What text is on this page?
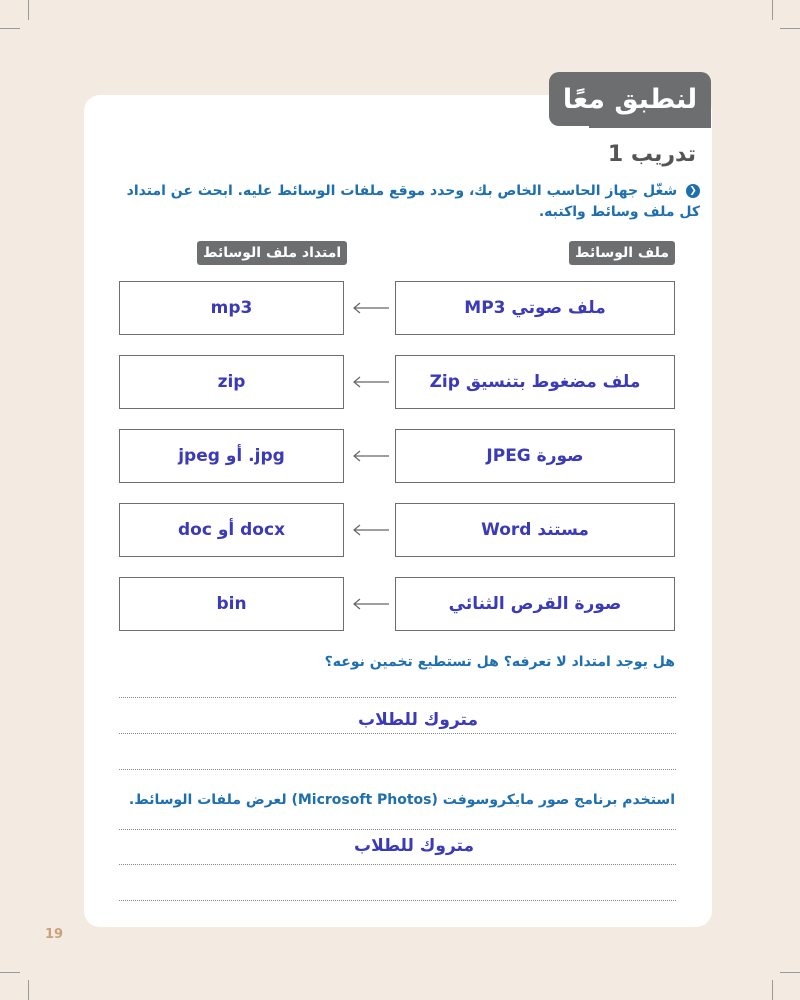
لنطبق معًا
تدريب 1
❮ شغّل جهاز الحاسب الخاص بك، وحدد موقع ملفات الوسائط عليه. ابحث عن امتداد كل ملف وسائط واكتبه.
ملف الوسائط
امتداد ملف الوسائط
ملف صوتي MP3
mp3
ملف مضغوط بتنسيق Zip
zip
صورة JPEG
jpg. أو jpeg
مستند Word
docx أو doc
صورة القرص الثنائي
bin
هل يوجد امتداد لا تعرفه؟ هل تستطيع تخمين نوعه؟
متروك للطلاب
استخدم برنامج صور مايكروسوفت (Microsoft Photos) لعرض ملفات الوسائط.
متروك للطلاب
19
